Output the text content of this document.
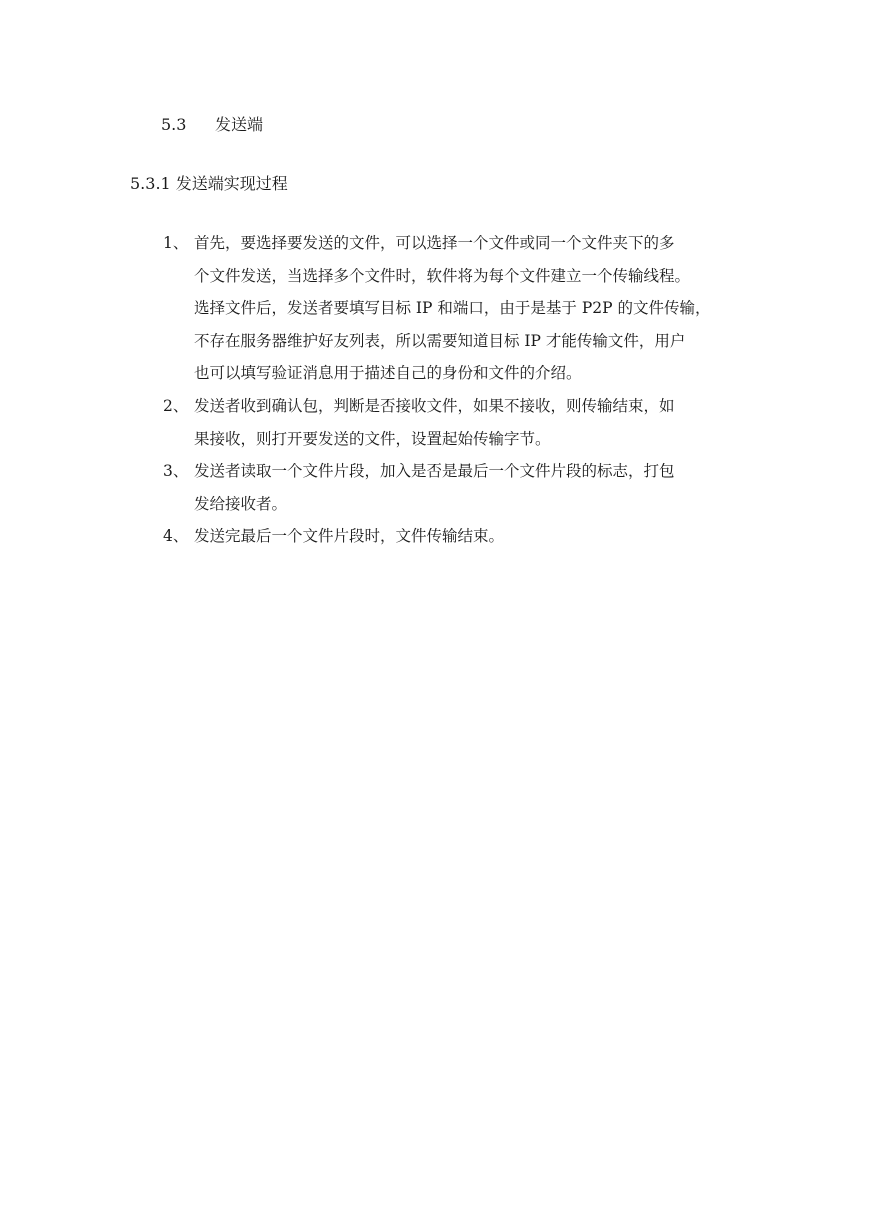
5.3 发送端
5.3.1 发送端实现过程
1、 首先，要选择要发送的文件，可以选择一个文件或同一个文件夹下的多
个文件发送，当选择多个文件时，软件将为每个文件建立一个传输线程。
选择文件后，发送者要填写目标 IP 和端口，由于是基于 P2P 的文件传输，
不存在服务器维护好友列表，所以需要知道目标 IP 才能传输文件，用户
也可以填写验证消息用于描述自己的身份和文件的介绍。
2、 发送者收到确认包，判断是否接收文件，如果不接收，则传输结束，如
果接收，则打开要发送的文件，设置起始传输字节。
3、 发送者读取一个文件片段，加入是否是最后一个文件片段的标志，打包
发给接收者。
4、 发送完最后一个文件片段时，文件传输结束。
